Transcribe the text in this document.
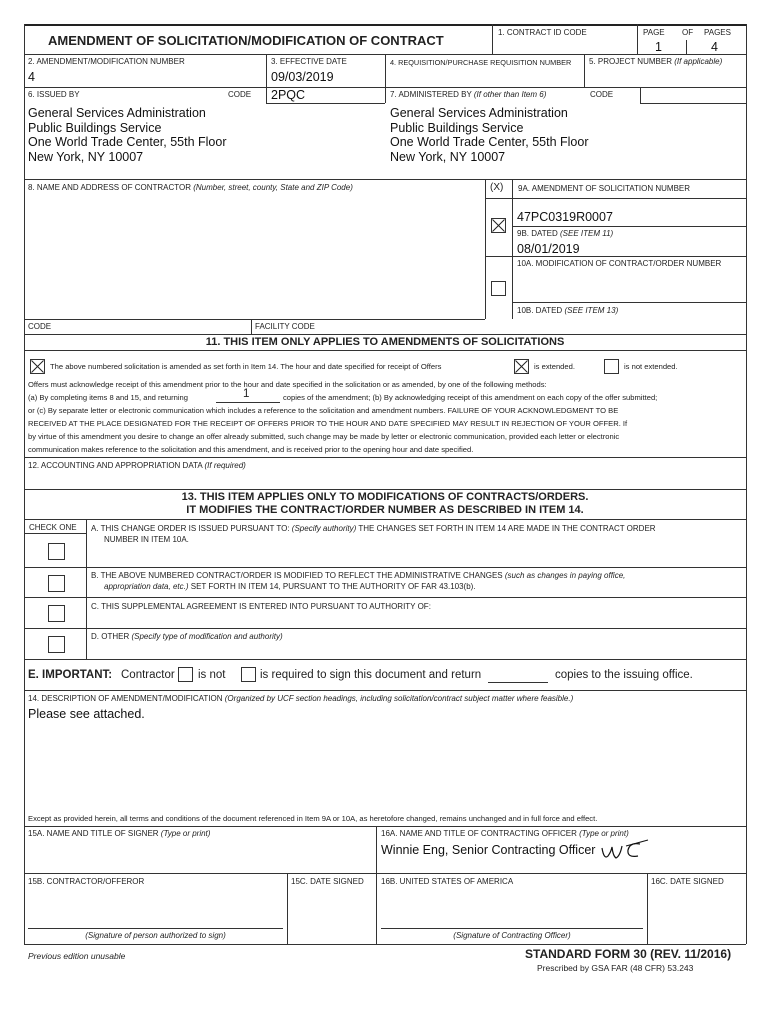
AMENDMENT OF SOLICITATION/MODIFICATION OF CONTRACT
1. CONTRACT ID CODE	PAGE OF PAGES
1	4
2. AMENDMENT/MODIFICATION NUMBER
4
3. EFFECTIVE DATE
09/03/2019
4. REQUISITION/PURCHASE REQUISITION NUMBER 5. PROJECT NUMBER (If applicable)
6. ISSUED BY	CODE 2PQC	7. ADMINISTERED BY (If other than Item 6)	CODE
General Services Administration
Public Buildings Service
One World Trade Center, 55th Floor
New York, NY 10007
General Services Administration
Public Buildings Service
One World Trade Center, 55th Floor
New York, NY 10007
8. NAME AND ADDRESS OF CONTRACTOR (Number, street, county, State and ZIP Code)	(X) 9A. AMENDMENT OF SOLICITATION NUMBER
47PC0319R0007
9B. DATED (SEE ITEM 11)
08/01/2019
10A. MODIFICATION OF CONTRACT/ORDER NUMBER
10B. DATED (SEE ITEM 13)
CODE	FACILITY CODE
11. THIS ITEM ONLY APPLIES TO AMENDMENTS OF SOLICITATIONS
The above numbered solicitation is amended as set forth in Item 14. The hour and date specified for receipt of Offers	is extended.	is not extended.
Offers must acknowledge receipt of this amendment prior to the hour and date specified in the solicitation or as amended, by one of the following methods:
(a) By completing items 8 and 15, and returning	1	copies of the amendment; (b) By acknowledging receipt of this amendment on each copy of the offer submitted;
or (c) By separate letter or electronic communication which includes a reference to the solicitation and amendment numbers. FAILURE OF YOUR ACKNOWLEDGMENT TO BE
RECEIVED AT THE PLACE DESIGNATED FOR THE RECEIPT OF OFFERS PRIOR TO THE HOUR AND DATE SPECIFIED MAY RESULT IN REJECTION OF YOUR OFFER. If
by virtue of this amendment you desire to change an offer already submitted, such change may be made by letter or electronic communication, provided each letter or electronic
communication makes reference to the solicitation and this amendment, and is received prior to the opening hour and date specified.
12. ACCOUNTING AND APPROPRIATION DATA (If required)
13. THIS ITEM APPLIES ONLY TO MODIFICATIONS OF CONTRACTS/ORDERS.
IT MODIFIES THE CONTRACT/ORDER NUMBER AS DESCRIBED IN ITEM 14.
CHECK ONE A. THIS CHANGE ORDER IS ISSUED PURSUANT TO: (Specify authority) THE CHANGES SET FORTH IN ITEM 14 ARE MADE IN THE CONTRACT ORDER
NUMBER IN ITEM 10A.
B. THE ABOVE NUMBERED CONTRACT/ORDER IS MODIFIED TO REFLECT THE ADMINISTRATIVE CHANGES (such as changes in paying office,
appropriation data, etc.) SET FORTH IN ITEM 14, PURSUANT TO THE AUTHORITY OF FAR 43.103(b).
C. THIS SUPPLEMENTAL AGREEMENT IS ENTERED INTO PURSUANT TO AUTHORITY OF:
D. OTHER (Specify type of modification and authority)
E. IMPORTANT: Contractor is not	is required to sign this document and return	copies to the issuing office.
14. DESCRIPTION OF AMENDMENT/MODIFICATION (Organized by UCF section headings, including solicitation/contract subject matter where feasible.)
Please see attached.
Except as provided herein, all terms and conditions of the document referenced in Item 9A or 10A, as heretofore changed, remains unchanged and in full force and effect.
15A. NAME AND TITLE OF SIGNER (Type or print)	16A. NAME AND TITLE OF CONTRACTING OFFICER (Type or print)
Winnie Eng, Senior Contracting Officer
15B. CONTRACTOR/OFFEROR	15C. DATE SIGNED 16B. UNITED STATES OF AMERICA	16C. DATE SIGNED
(Signature of person authorized to sign)	(Signature of Contracting Officer)
Previous edition unusable	STANDARD FORM 30 (REV. 11/2016)
Prescribed by GSA FAR (48 CFR) 53.243
